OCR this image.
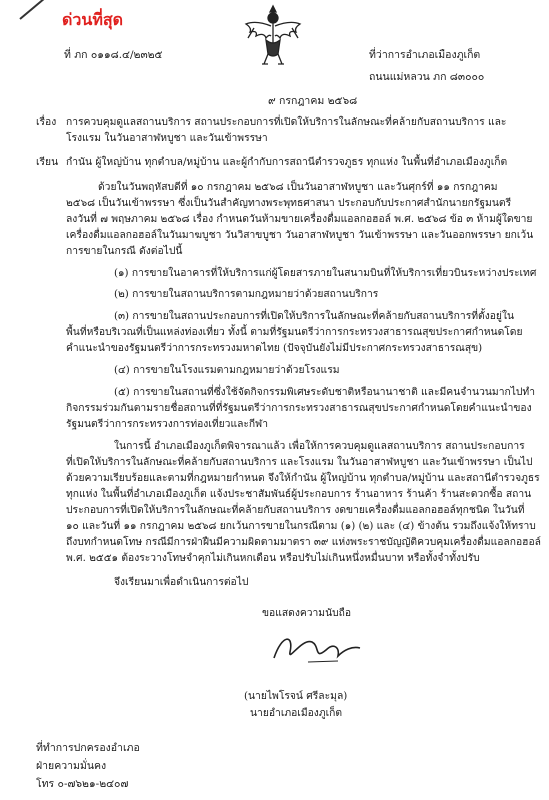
ด่วนที่สุด
ที่ ภก ๐๑๑๘.๔/๒๓๒๕	ที่ว่าการอำเภอเมืองภูเก็ต
ถนนแม่หลวน ภก ๘๓๐๐๐
๙ กรกฎาคม ๒๕๖๘
เรื่อง การควบคุมดูแลสถานบริการ สถานประกอบการที่เปิดให้บริการในลักษณะที่คล้ายกับสถานบริการ และ
โรงแรม ในวันอาสาฬหบูชา และวันเข้าพรรษา
เรียน กำนัน ผู้ใหญ่บ้าน ทุกตำบล/หมู่บ้าน และผู้กำกับการสถานีตำรวจภูธร ทุกแห่ง ในพื้นที่อำเภอเมืองภูเก็ต
ด้วยในวันพฤหัสบดีที่ ๑๐ กรกฎาคม ๒๕๖๘ เป็นวันอาสาฬหบูชา และวันศุกร์ที่ ๑๑ กรกฎาคม
๒๕๖๘ เป็นวันเข้าพรรษา ซึ่งเป็นวันสำคัญทางพระพุทธศาสนา ประกอบกับประกาศสำนักนายกรัฐมนตรี
ลงวันที่ ๗ พฤษภาคม ๒๕๖๘ เรื่อง กำหนดวันห้ามขายเครื่องดื่มแอลกอฮอล์ พ.ศ. ๒๕๖๘ ข้อ ๓ ห้ามผู้ใดขาย
เครื่องดื่มแอลกอฮอล์ในวันมาฆบูชา วันวิสาขบูชา วันอาสาฬหบูชา วันเข้าพรรษา และวันออกพรรษา ยกเว้น
การขายในกรณี ดังต่อไปนี้
(๑) การขายในอาคารที่ให้บริการแก่ผู้โดยสารภายในสนามบินที่ให้บริการเที่ยวบินระหว่างประเทศ
(๒) การขายในสถานบริการตามกฎหมายว่าด้วยสถานบริการ
(๓) การขายในสถานประกอบการที่เปิดให้บริการในลักษณะที่คล้ายกับสถานบริการที่ตั้งอยู่ใน
พื้นที่หรือบริเวณที่เป็นแหล่งท่องเที่ยว ทั้งนี้ ตามที่รัฐมนตรีว่าการกระทรวงสาธารณสุขประกาศกำหนดโดย
คำแนะนำของรัฐมนตรีว่าการกระทรวงมหาดไทย (ปัจจุบันยังไม่มีประกาศกระทรวงสาธารณสุข)
(๔) การขายในโรงแรมตามกฎหมายว่าด้วยโรงแรม
(๕) การขายในสถานที่ซึ่งใช้จัดกิจกรรมพิเศษระดับชาติหรือนานาชาติ และมีคนจำนวนมากไปทำ
กิจกรรมร่วมกันตามรายชื่อสถานที่ที่รัฐมนตรีว่าการกระทรวงสาธารณสุขประกาศกำหนดโดยคำแนะนำของ
รัฐมนตรีว่าการกระทรวงการท่องเที่ยวและกีฬา
ในการนี้ อำเภอเมืองภูเก็ตพิจารณาแล้ว เพื่อให้การควบคุมดูแลสถานบริการ สถานประกอบการ
ที่เปิดให้บริการในลักษณะที่คล้ายกับสถานบริการ และโรงแรม ในวันอาสาฬหบูชา และวันเข้าพรรษา เป็นไป
ด้วยความเรียบร้อยและตามที่กฎหมายกำหนด จึงให้กำนัน ผู้ใหญ่บ้าน ทุกตำบล/หมู่บ้าน และสถานีตำรวจภูธร
ทุกแห่ง ในพื้นที่อำเภอเมืองภูเก็ต แจ้งประชาสัมพันธ์ผู้ประกอบการ ร้านอาหาร ร้านค้า ร้านสะดวกซื้อ สถาน
ประกอบการที่เปิดให้บริการในลักษณะที่คล้ายกับสถานบริการ งดขายเครื่องดื่มแอลกอฮอล์ทุกชนิด ในวันที่
๑๐ และวันที่ ๑๑ กรกฎาคม ๒๕๖๘ ยกเว้นการขายในกรณีตาม (๑) (๒) และ (๔) ข้างต้น รวมถึงแจ้งให้ทราบ
ถึงบทกำหนดโทษ กรณีมีการฝ่าฝืนมีความผิดตามมาตรา ๓๙ แห่งพระราชบัญญัติควบคุมเครื่องดื่มแอลกอฮอล์
พ.ศ. ๒๕๕๑ ต้องระวางโทษจำคุกไม่เกินหกเดือน หรือปรับไม่เกินหนึ่งหมื่นบาท หรือทั้งจำทั้งปรับ
จึงเรียนมาเพื่อดำเนินการต่อไป
ขอแสดงความนับถือ
(นายไพโรจน์ ศรีละมุล)
นายอำเภอเมืองภูเก็ต
ที่ทำการปกครองอำเภอ
ฝ่ายความมั่นคง
โทร ๐-๗๖๒๑-๒๔๐๗
